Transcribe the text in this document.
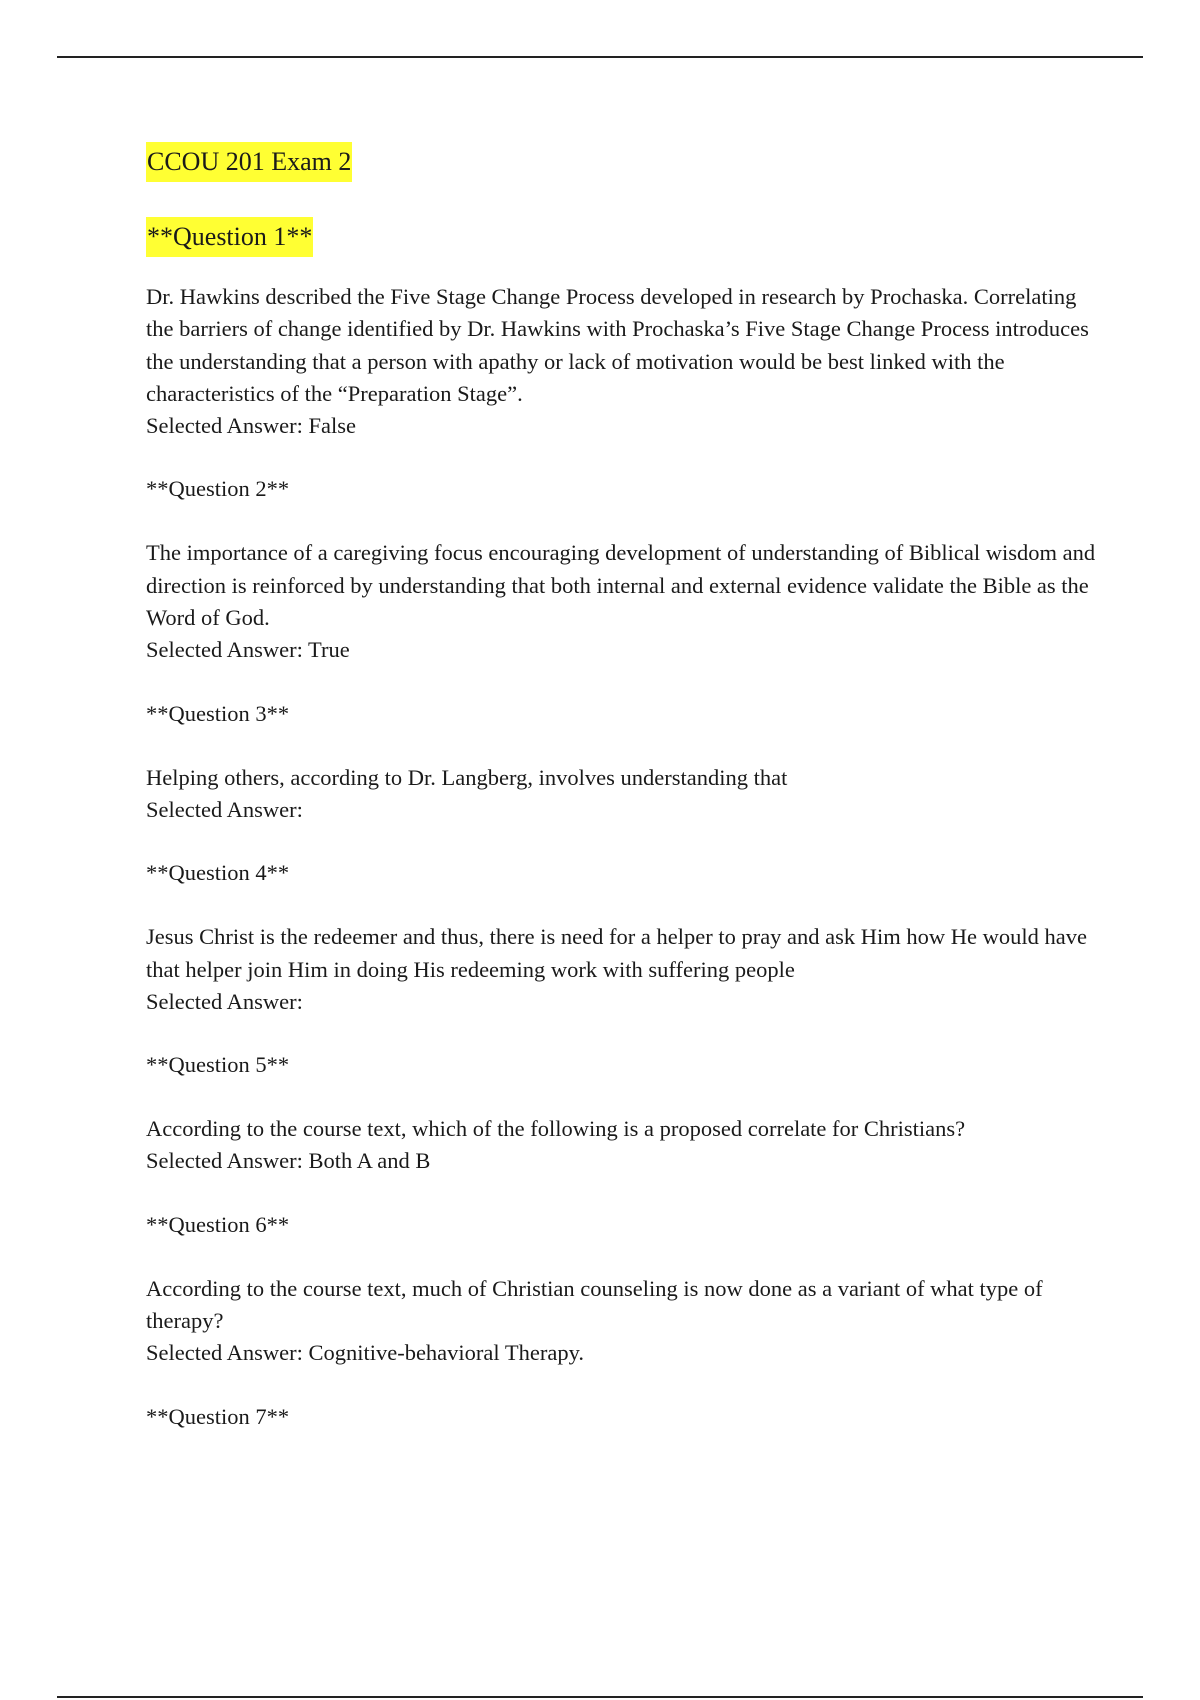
CCOU 201 Exam 2
**Question 1**

Dr. Hawkins described the Five Stage Change Process developed in research by Prochaska. Correlating the barriers of change identified by Dr. Hawkins with Prochaska’s Five Stage Change Process introduces the understanding that a person with apathy or lack of motivation would be best linked with the characteristics of the “Preparation Stage”.

Selected Answer: False

**Question 2**

The importance of a caregiving focus encouraging development of understanding of Biblical wisdom and direction is reinforced by understanding that both internal and external evidence validate the Bible as the Word of God.

Selected Answer: True

**Question 3**

Helping others, according to Dr. Langberg, involves understanding that

Selected Answer:

**Question 4**

Jesus Christ is the redeemer and thus, there is need for a helper to pray and ask Him how He would have that helper join Him in doing His redeeming work with suffering people

Selected Answer:

**Question 5**

According to the course text, which of the following is a proposed correlate for Christians?

Selected Answer: Both A and B

**Question 6**

According to the course text, much of Christian counseling is now done as a variant of what type of therapy?

Selected Answer: Cognitive-behavioral Therapy.

**Question 7**
